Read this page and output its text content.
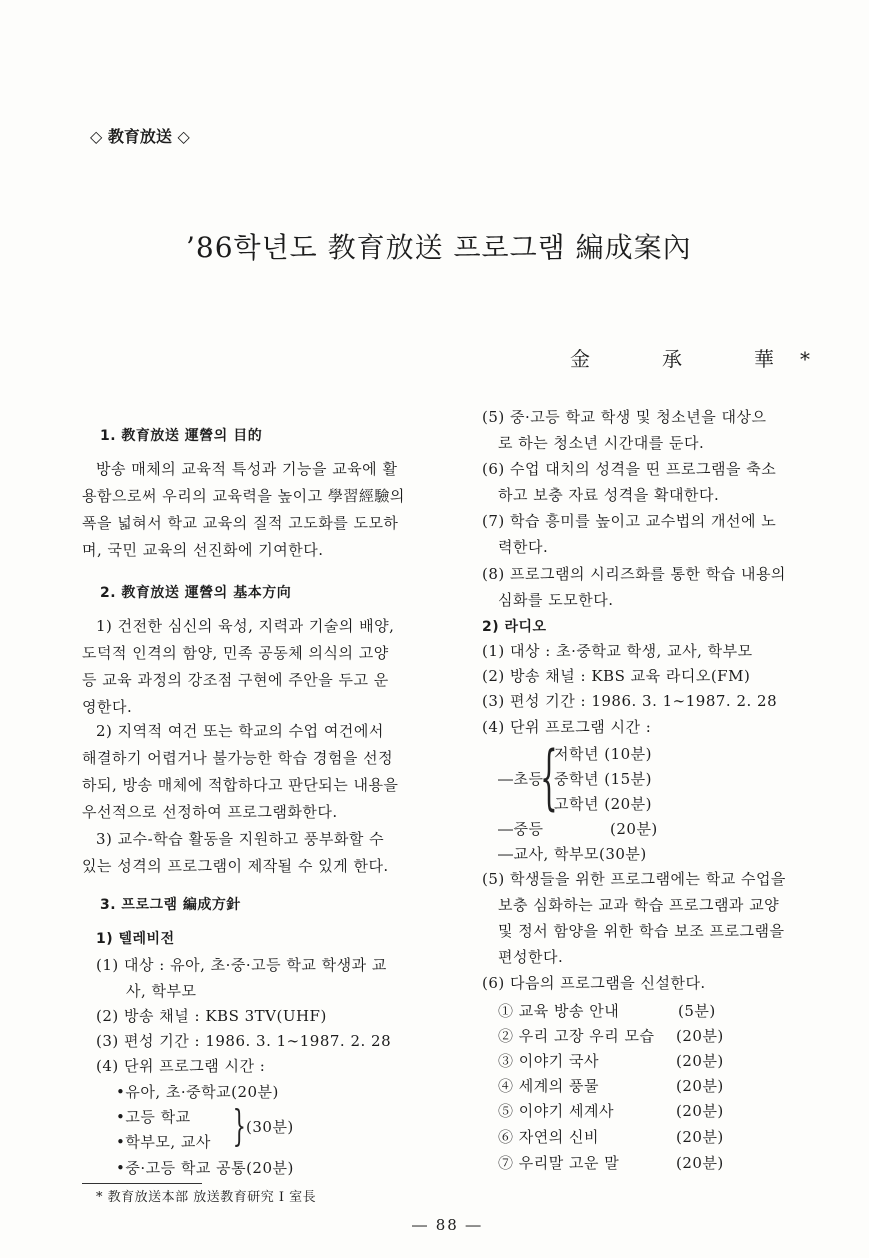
◇ 教育放送 ◇
’86학년도 教育放送 프로그램 編成案內
金　承　華*
1. 教育放送 運營의 目的
방송 매체의 교육적 특성과 기능을 교육에 활
용함으로써 우리의 교육력을 높이고 學習經驗의
폭을 넓혀서 학교 교육의 질적 고도화를 도모하
며, 국민 교육의 선진화에 기여한다.
2. 教育放送 運營의 基本方向
1) 건전한 심신의 육성, 지력과 기술의 배양,
도덕적 인격의 함양, 민족 공동체 의식의 고양
등 교육 과정의 강조점 구현에 주안을 두고 운
영한다.
2) 지역적 여건 또는 학교의 수업 여건에서
해결하기 어렵거나 불가능한 학습 경험을 선정
하되, 방송 매체에 적합하다고 판단되는 내용을
우선적으로 선정하여 프로그램화한다.
3) 교수-학습 활동을 지원하고 풍부화할 수
있는 성격의 프로그램이 제작될 수 있게 한다.
3. 프로그램 編成方針
1) 텔레비전
(1) 대상 : 유아, 초·중·고등 학교 학생과 교
사, 학부모
(2) 방송 채널 : KBS 3TV(UHF)
(3) 편성 기간 : 1986. 3. 1∼1987. 2. 28
(4) 단위 프로그램 시간 :
•유아, 초·중학교(20분)
•고등 학교
•학부모, 교사 } (30분)
•중·고등 학교 공통(20분)
* 教育放送本部 放送教育研究 I 室長
(5) 중·고등 학교 학생 및 청소년을 대상으
로 하는 청소년 시간대를 둔다.
(6) 수업 대치의 성격을 띤 프로그램을 축소
하고 보충 자료 성격을 확대한다.
(7) 학습 흥미를 높이고 교수법의 개선에 노
력한다.
(8) 프로그램의 시리즈화를 통한 학습 내용의
심화를 도모한다.
2) 라디오
(1) 대상 : 초·중학교 학생, 교사, 학부모
(2) 방송 채널 : KBS 교육 라디오(FM)
(3) 편성 기간 : 1986. 3. 1∼1987. 2. 28
(4) 단위 프로그램 시간 :
{
저학년 (10분)
―초등 중학년 (15분)
고학년 (20분)
―중등	(20분)
―교사, 학부모(30분)
(5) 학생들을 위한 프로그램에는 학교 수업을
보충 심화하는 교과 학습 프로그램과 교양
및 정서 함양을 위한 학습 보조 프로그램을
편성한다.
(6) 다음의 프로그램을 신설한다.
① 교육 방송 안내	(5분)
② 우리 고장 우리 모습 (20분)
③ 이야기 국사	(20분)
④ 세계의 풍물	(20분)
⑤ 이야기 세계사	(20분)
⑥ 자연의 신비	(20분)
⑦ 우리말 고운 말	(20분)
― 88 ―
